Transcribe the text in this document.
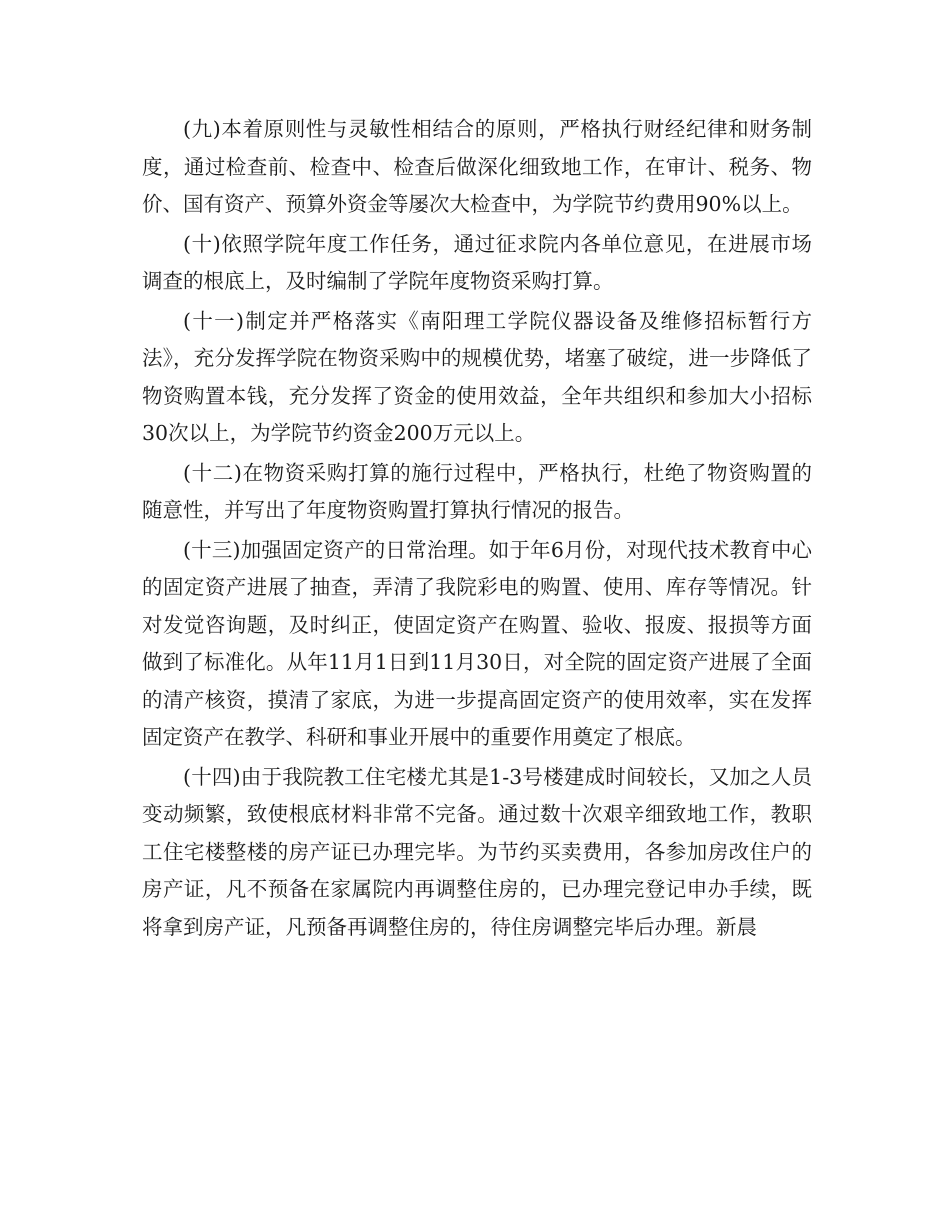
(九)本着原则性与灵敏性相结合的原则，严格执行财经纪律和财务制度，通过检查前、检查中、检查后做深化细致地工作，在审计、税务、物价、国有资产、预算外资金等屡次大检查中，为学院节约费用90%以上。

(十)依照学院年度工作任务，通过征求院内各单位意见，在进展市场调查的根底上，及时编制了学院年度物资采购打算。

(十一)制定并严格落实《南阳理工学院仪器设备及维修招标暂行方法》，充分发挥学院在物资采购中的规模优势，堵塞了破绽，进一步降低了物资购置本钱，充分发挥了资金的使用效益，全年共组织和参加大小招标30次以上，为学院节约资金200万元以上。

(十二)在物资采购打算的施行过程中，严格执行，杜绝了物资购置的随意性，并写出了年度物资购置打算执行情况的报告。

(十三)加强固定资产的日常治理。如于年6月份，对现代技术教育中心的固定资产进展了抽查，弄清了我院彩电的购置、使用、库存等情况。针对发觉咨询题，及时纠正，使固定资产在购置、验收、报废、报损等方面做到了标准化。从年11月1日到11月30日，对全院的固定资产进展了全面的清产核资，摸清了家底，为进一步提高固定资产的使用效率，实在发挥固定资产在教学、科研和事业开展中的重要作用奠定了根底。

(十四)由于我院教工住宅楼尤其是1-3号楼建成时间较长，又加之人员变动频繁，致使根底材料非常不完备。通过数十次艰辛细致地工作，教职工住宅楼整楼的房产证已办理完毕。为节约买卖费用，各参加房改住户的房产证，凡不预备在家属院内再调整住房的，已办理完登记申办手续，既将拿到房产证，凡预备再调整住房的，待住房调整完毕后办理。新晨
